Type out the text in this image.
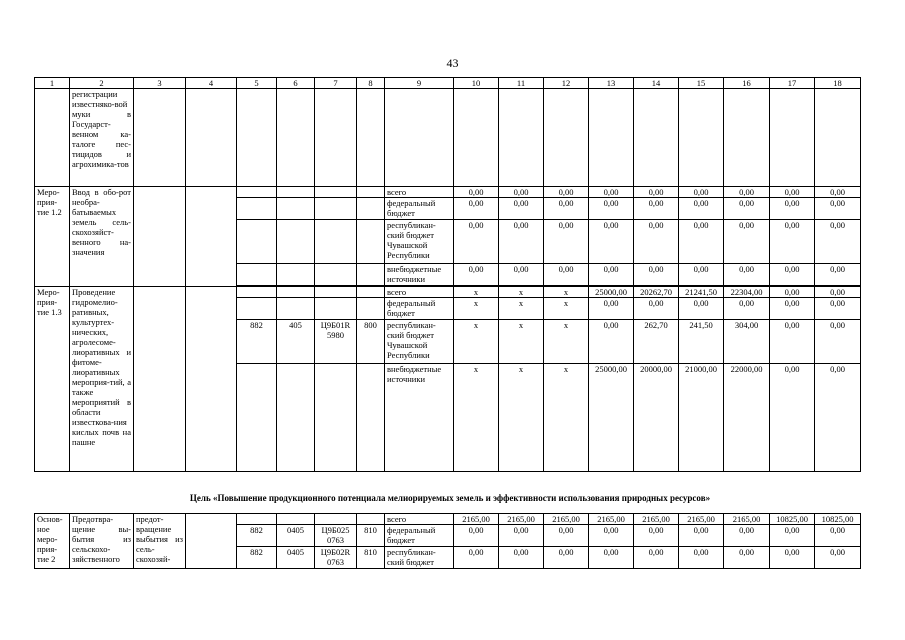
43
1	2	3	4	5	6	7	8	9	10	11	12	13	14	15	16	17	18
	регистрации известняко-вой муки в Государст-венном ка-талоге пес-тицидов и агрохимика-тов																
Меро-прия-тие 1.2	Ввод в обо-рот необра-батываемых земель сель-скохозяйст-венного на-значения							всего	0,00	0,00	0,00	0,00	0,00	0,00	0,00	0,00	0,00
								федеральный бюджет	0,00	0,00	0,00	0,00	0,00	0,00	0,00	0,00	0,00
								республикан-ский бюджет Чувашской Республики	0,00	0,00	0,00	0,00	0,00	0,00	0,00	0,00	0,00
								внебюджетные источники	0,00	0,00	0,00	0,00	0,00	0,00	0,00	0,00	0,00

Меро-прия-тие 1.3	Проведение гидромелио-ративных, культуртех-нических, агролесоме-лиоративных и фитоме-лиоративных мероприя-тий, а также мероприятий в области известкова-ния кислых почв на пашне							всего	x	x	x	25000,00	20262,70	21241,50	22304,00	0,00	0,00
								федеральный бюджет	x	x	x	0,00	0,00	0,00	0,00	0,00	0,00
				882	405	Ц9Б01R 5980	800	республикан-ский бюджет Чувашской Республики	x	x	x	0,00	262,70	241,50	304,00	0,00	0,00
								внебюджетные источники	x	x	x	25000,00	20000,00	21000,00	22000,00	0,00	0,00
Цель «Повышение продукционного потенциала мелиорируемых земель и эффективности использования природных ресурсов»
Основ-ное меро-прия-тие 2	Предотвра-щение вы-бытия из сельскохо-зяйственного	предот-вращение выбытия из сель-скохозяй-						всего	2165,00	2165,00	2165,00	2165,00	2165,00	2165,00	2165,00	10825,00	10825,00
				882	0405	Ц9Б025 0763	810	федеральный бюджет	0,00	0,00	0,00	0,00	0,00	0,00	0,00	0,00	0,00
				882	0405	Ц9Б02R 0763	810	республикан-ский бюджет	0,00	0,00	0,00	0,00	0,00	0,00	0,00	0,00	0,00
